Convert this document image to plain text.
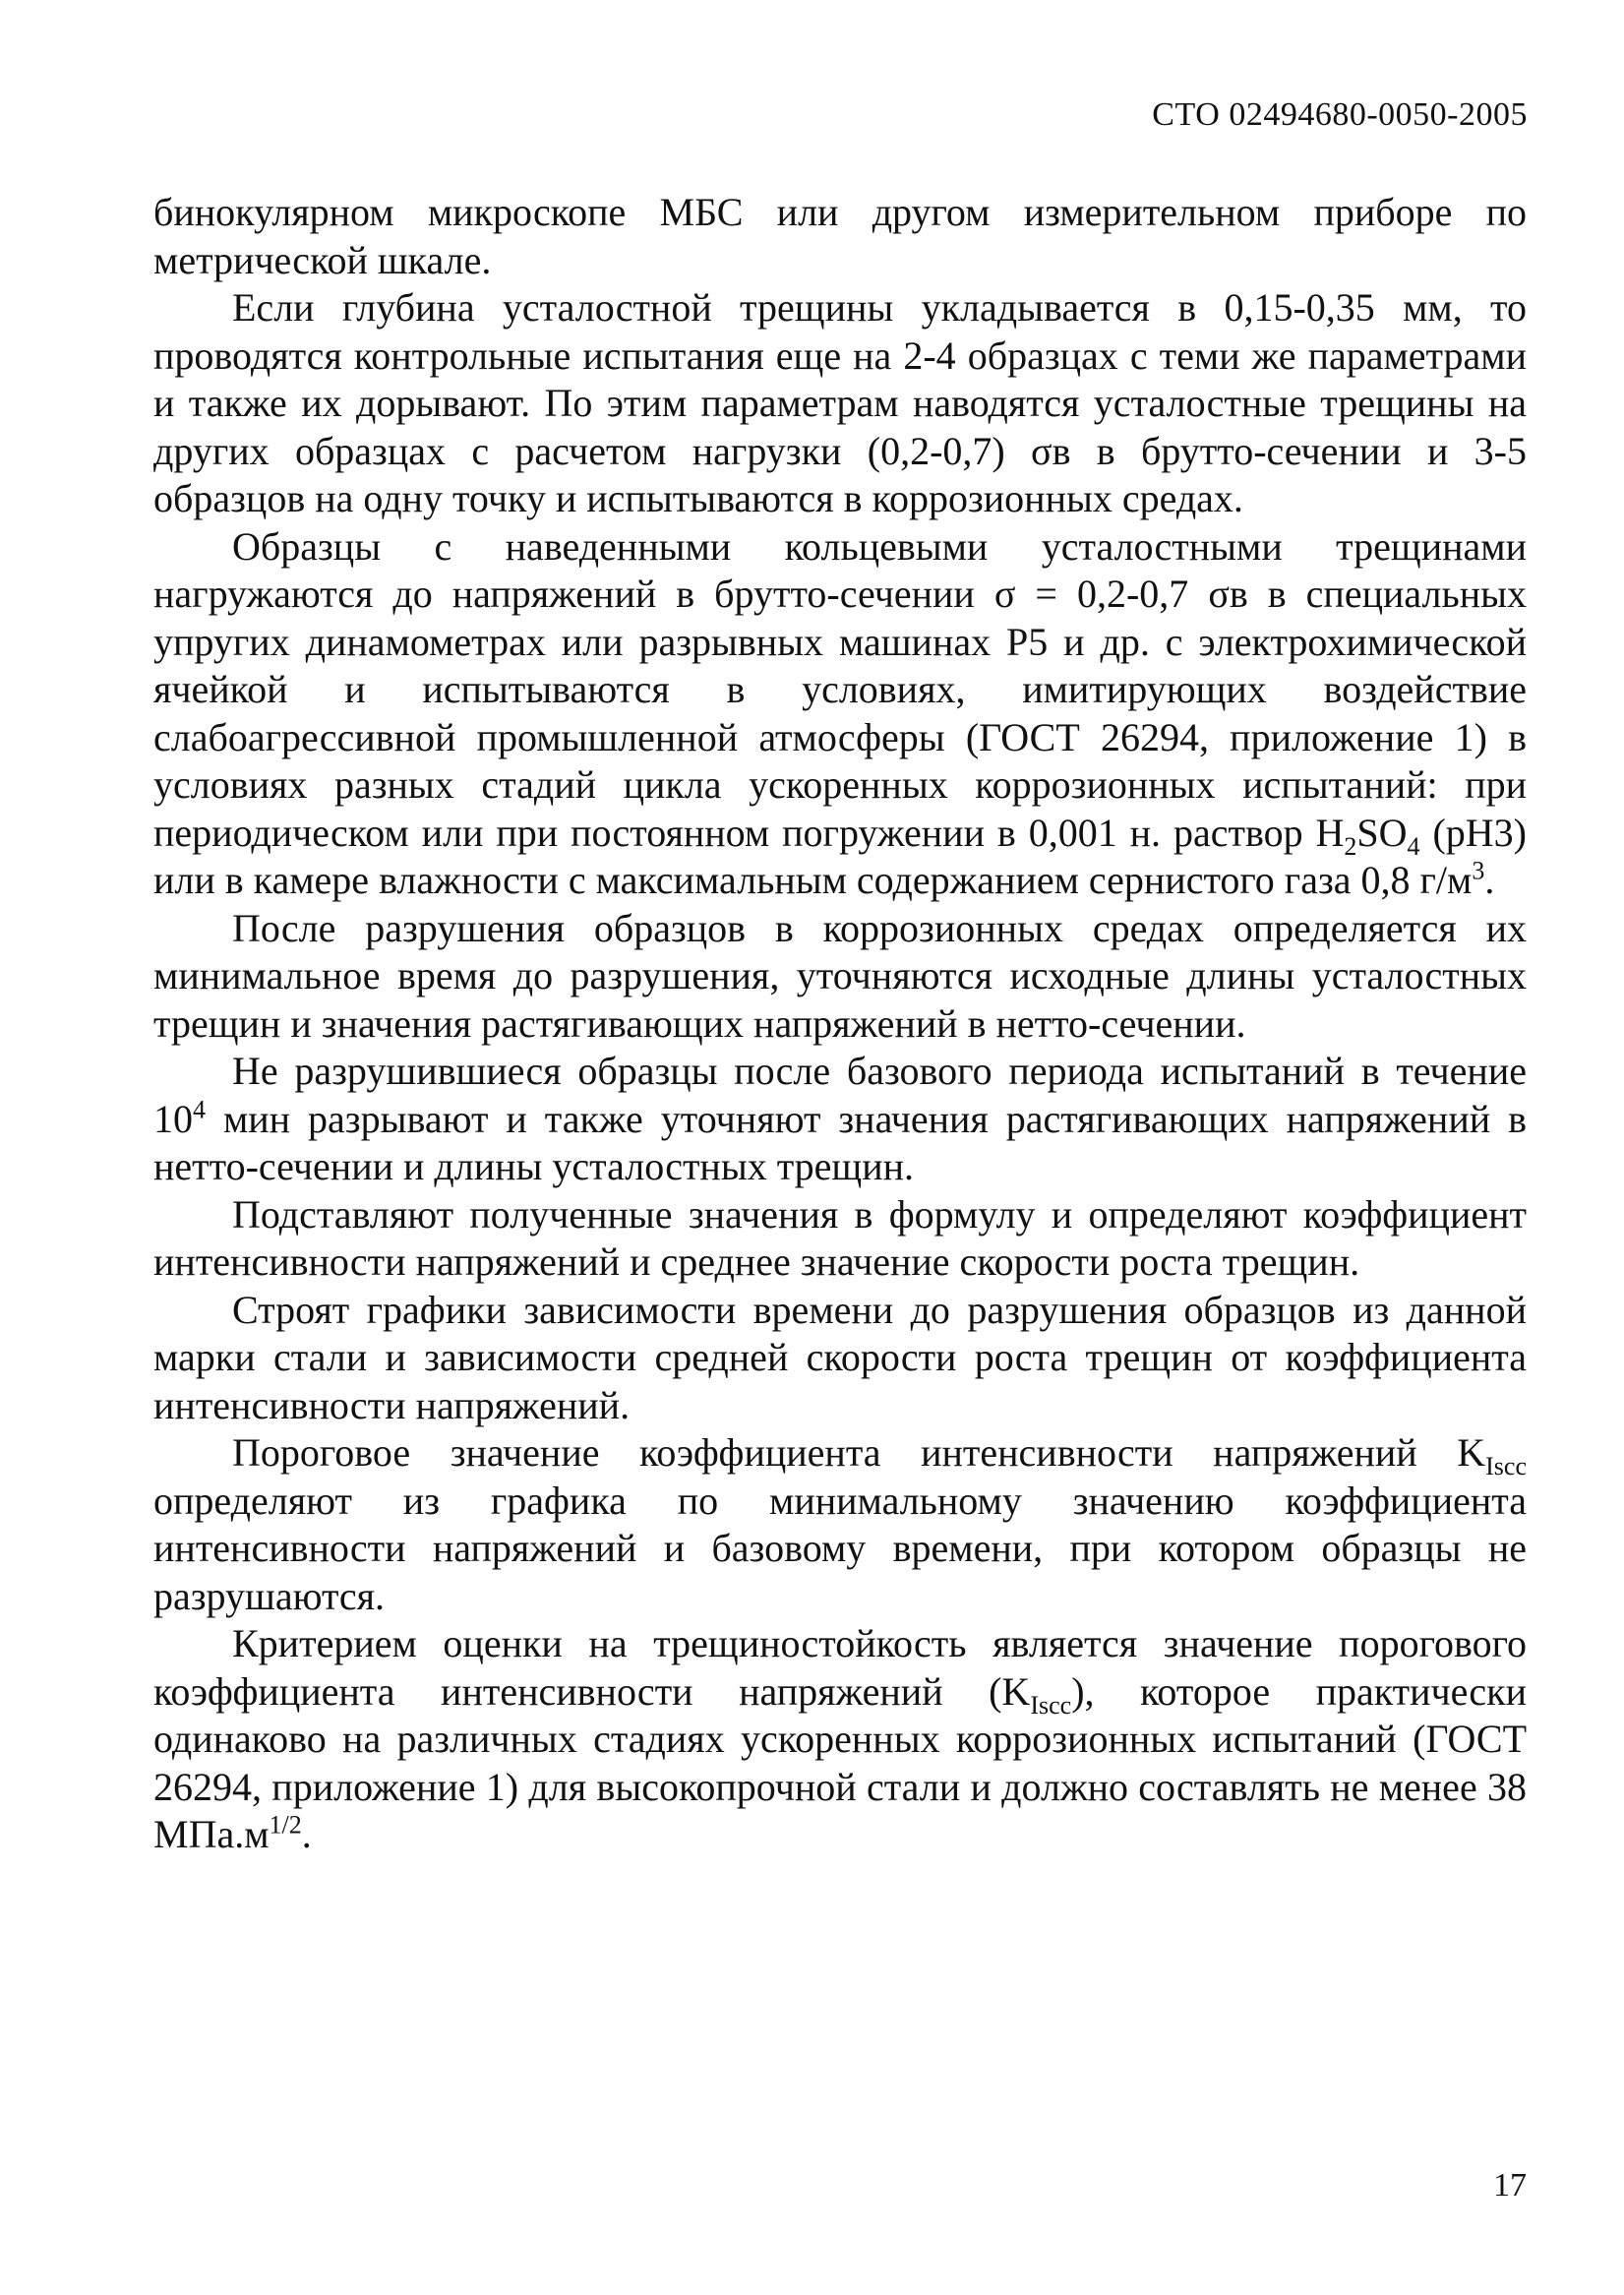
СТО 02494680-0050-2005

бинокулярном микроскопе МБС или другом измерительном приборе по метрической шкале.

Если глубина усталостной трещины укладывается в 0,15-0,35 мм, то проводятся контрольные испытания еще на 2-4 образцах с теми же параметрами и также их дорывают. По этим параметрам наводятся усталостные трещины на других образцах с расчетом нагрузки (0,2-0,7) σв в брутто-сечении и 3-5 образцов на одну точку и испытываются в коррозионных средах.

Образцы с наведенными кольцевыми усталостными трещинами нагружаются до напряжений в брутто-сечении σ = 0,2-0,7 σв в специальных упругих динамометрах или разрывных машинах Р5 и др. с электрохимической ячейкой и испытываются в условиях, имитирующих воздействие слабоагрессивной промышленной атмосферы (ГОСТ 26294, приложение 1) в условиях разных стадий цикла ускоренных коррозионных испытаний: при периодическом или при постоянном погружении в 0,001 н. раствор $H_2SO_4$ (pH3) или в камере влажности с максимальным содержанием сернистого газа 0,8 $г/м^3$.

После разрушения образцов в коррозионных средах определяется их минимальное время до разрушения, уточняются исходные длины усталостных трещин и значения растягивающих напряжений в нетто-сечении.

Не разрушившиеся образцы после базового периода испытаний в течение $10^4$ мин разрывают и также уточняют значения растягивающих напряжений в нетто-сечении и длины усталостных трещин.

Подставляют полученные значения в формулу и определяют коэффициент интенсивности напряжений и среднее значение скорости роста трещин.

Строят графики зависимости времени до разрушения образцов из данной марки стали и зависимости средней скорости роста трещин от коэффициента интенсивности напряжений.

Пороговое значение коэффициента интенсивности напряжений $K_{Iscc}$ определяют из графика по минимальному значению коэффициента интенсивности напряжений и базовому времени, при котором образцы не разрушаются.

Критерием оценки на трещиностойкость является значение порогового коэффициента интенсивности напряжений $(K_{Iscc})$, которое практически одинаково на различных стадиях ускоренных коррозионных испытаний (ГОСТ 26294, приложение 1) для высокопрочной стали и должно составлять не менее 38 $МПа.м^{1/2}$.

17
